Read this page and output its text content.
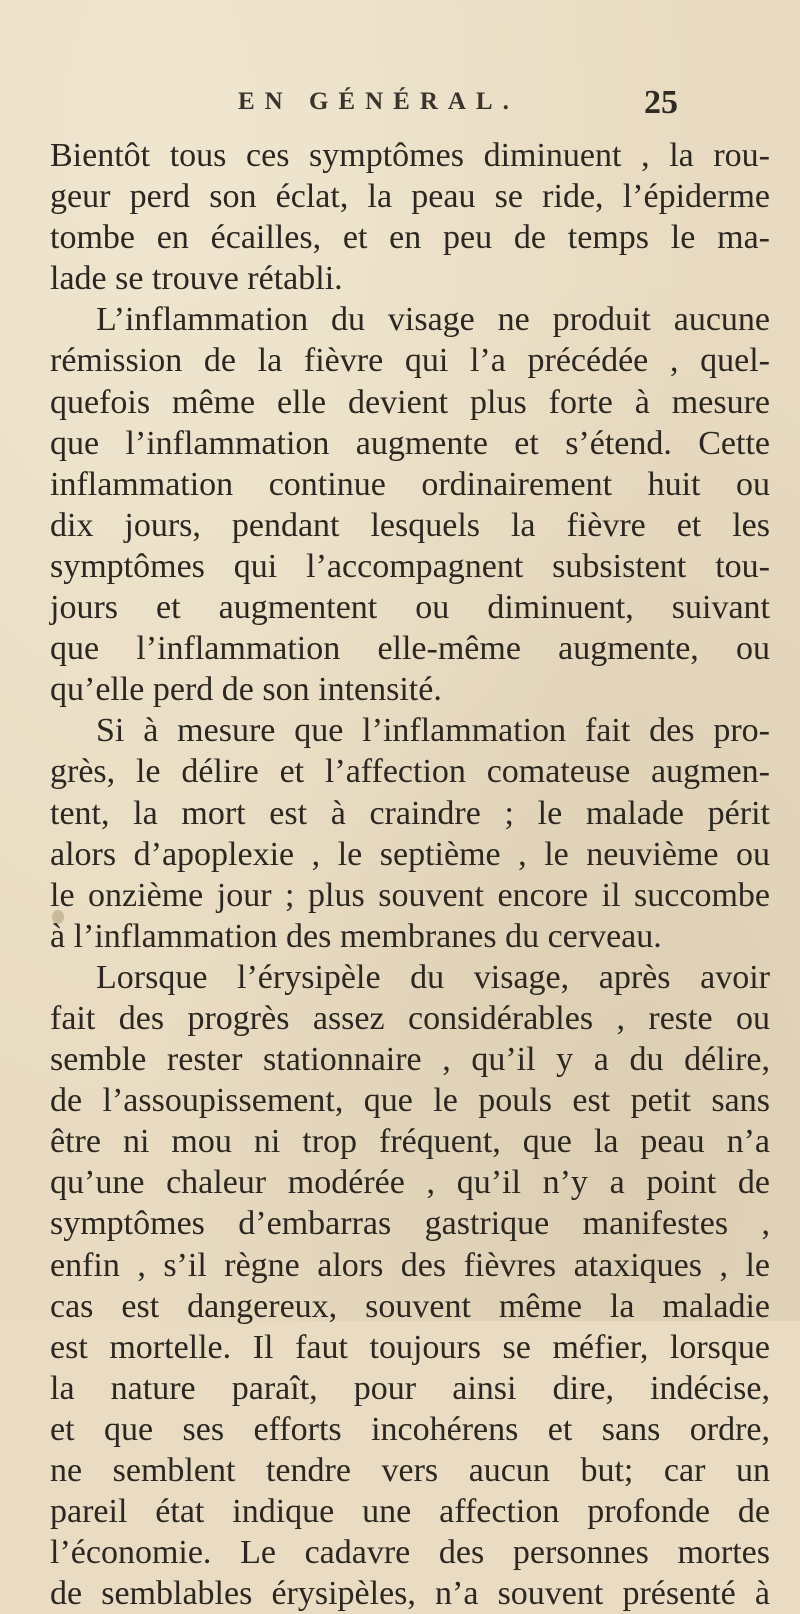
EN GÉNÉRAL.	25
Bientôt tous ces symptômes diminuent , la rou-
geur perd son éclat, la peau se ride, l’épiderme
tombe en écailles, et en peu de temps le ma-
lade se trouve rétabli.
L’inflammation du visage ne produit aucune
rémission de la fièvre qui l’a précédée , quel-
quefois même elle devient plus forte à mesure
que l’inflammation augmente et s’étend. Cette
inflammation continue ordinairement huit ou
dix jours, pendant lesquels la fièvre et les
symptômes qui l’accompagnent subsistent tou-
jours et augmentent ou diminuent, suivant
que l’inflammation elle-même augmente, ou
qu’elle perd de son intensité.
Si à mesure que l’inflammation fait des pro-
grès, le délire et l’affection comateuse augmen-
tent, la mort est à craindre ; le malade périt
alors d’apoplexie , le septième , le neuvième ou
le onzième jour ; plus souvent encore il succombe
à l’inflammation des membranes du cerveau.
Lorsque l’érysipèle du visage, après avoir
fait des progrès assez considérables , reste ou
semble rester stationnaire , qu’il y a du délire,
de l’assoupissement, que le pouls est petit sans
être ni mou ni trop fréquent, que la peau n’a
qu’une chaleur modérée , qu’il n’y a point de
symptômes d’embarras gastrique manifestes ,
enfin , s’il règne alors des fièvres ataxiques , le
cas est dangereux, souvent même la maladie
est mortelle. Il faut toujours se méfier, lorsque
la nature paraît, pour ainsi dire, indécise,
et que ses efforts incohérens et sans ordre,
ne semblent tendre vers aucun but; car un
pareil état indique une affection profonde de
l’économie. Le cadavre des personnes mortes
de semblables érysipèles, n’a souvent présenté à
